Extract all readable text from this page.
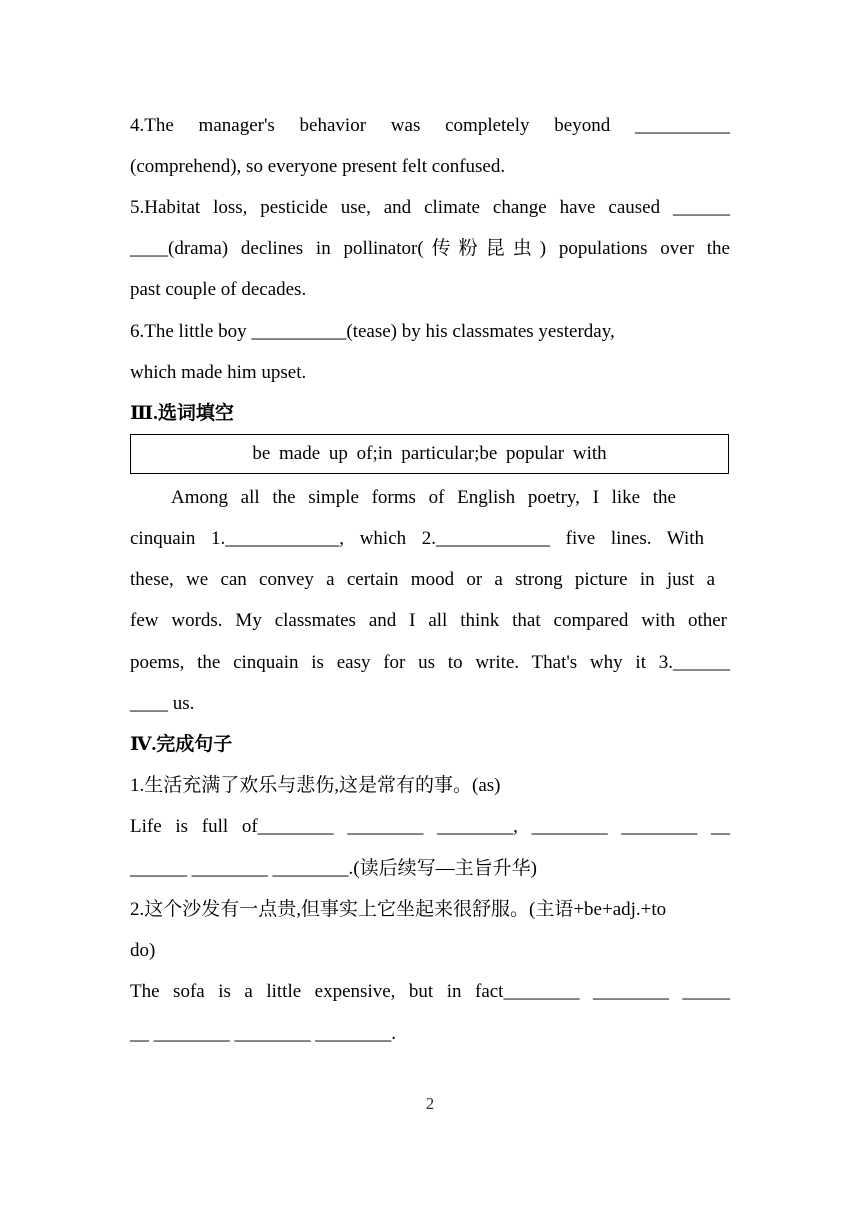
4.The manager's behavior was completely beyond __________
(comprehend), so everyone present felt confused.
5.Habitat loss, pesticide use, and climate change have caused ______
____(drama) declines in pollinator(传粉昆虫) populations over the
past couple of decades.
6.The little boy __________(tease) by his classmates yesterday,
which made him upset.
Ⅲ.选词填空
be made up of;in particular;be popular with
Among all the simple forms of English poetry, I like the
cinquain 1.____________, which 2.____________ five lines. With
these, we can convey a certain mood or a strong picture in just a
few words. My classmates and I all think that compared with other
poems, the cinquain is easy for us to write. That's why it 3.______
____ us.
Ⅳ.完成句子
1.生活充满了欢乐与悲伤,这是常有的事。(as)
Life is full of________ ________ ________, ________ ________ __
______ ________ ________.(读后续写—主旨升华)
2.这个沙发有一点贵,但事实上它坐起来很舒服。(主语+be+adj.+to
do)
The sofa is a little expensive, but in fact________ ________ _____
__ ________ ________ ________.
2
